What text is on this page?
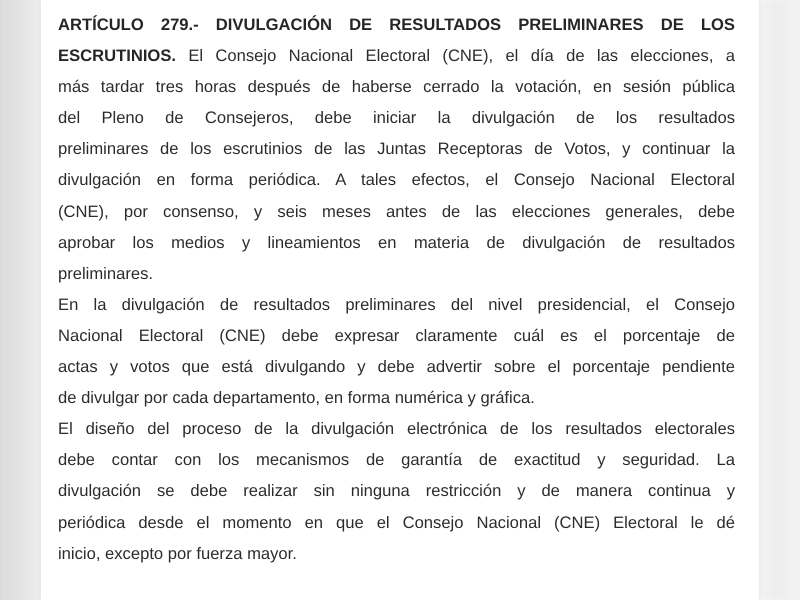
ARTÍCULO 279.- DIVULGACIÓN DE RESULTADOS PRELIMINARES DE LOS
ESCRUTINIOS. El Consejo Nacional Electoral (CNE), el día de las elecciones, a
más tardar tres horas después de haberse cerrado la votación, en sesión pública
del Pleno de Consejeros, debe iniciar la divulgación de los resultados
preliminares de los escrutinios de las Juntas Receptoras de Votos, y continuar la
divulgación en forma periódica. A tales efectos, el Consejo Nacional Electoral
(CNE), por consenso, y seis meses antes de las elecciones generales, debe
aprobar los medios y lineamientos en materia de divulgación de resultados
preliminares.
En la divulgación de resultados preliminares del nivel presidencial, el Consejo
Nacional Electoral (CNE) debe expresar claramente cuál es el porcentaje de
actas y votos que está divulgando y debe advertir sobre el porcentaje pendiente
de divulgar por cada departamento, en forma numérica y gráfica.
El diseño del proceso de la divulgación electrónica de los resultados electorales
debe contar con los mecanismos de garantía de exactitud y seguridad. La
divulgación se debe realizar sin ninguna restricción y de manera continua y
periódica desde el momento en que el Consejo Nacional (CNE) Electoral le dé
inicio, excepto por fuerza mayor.
